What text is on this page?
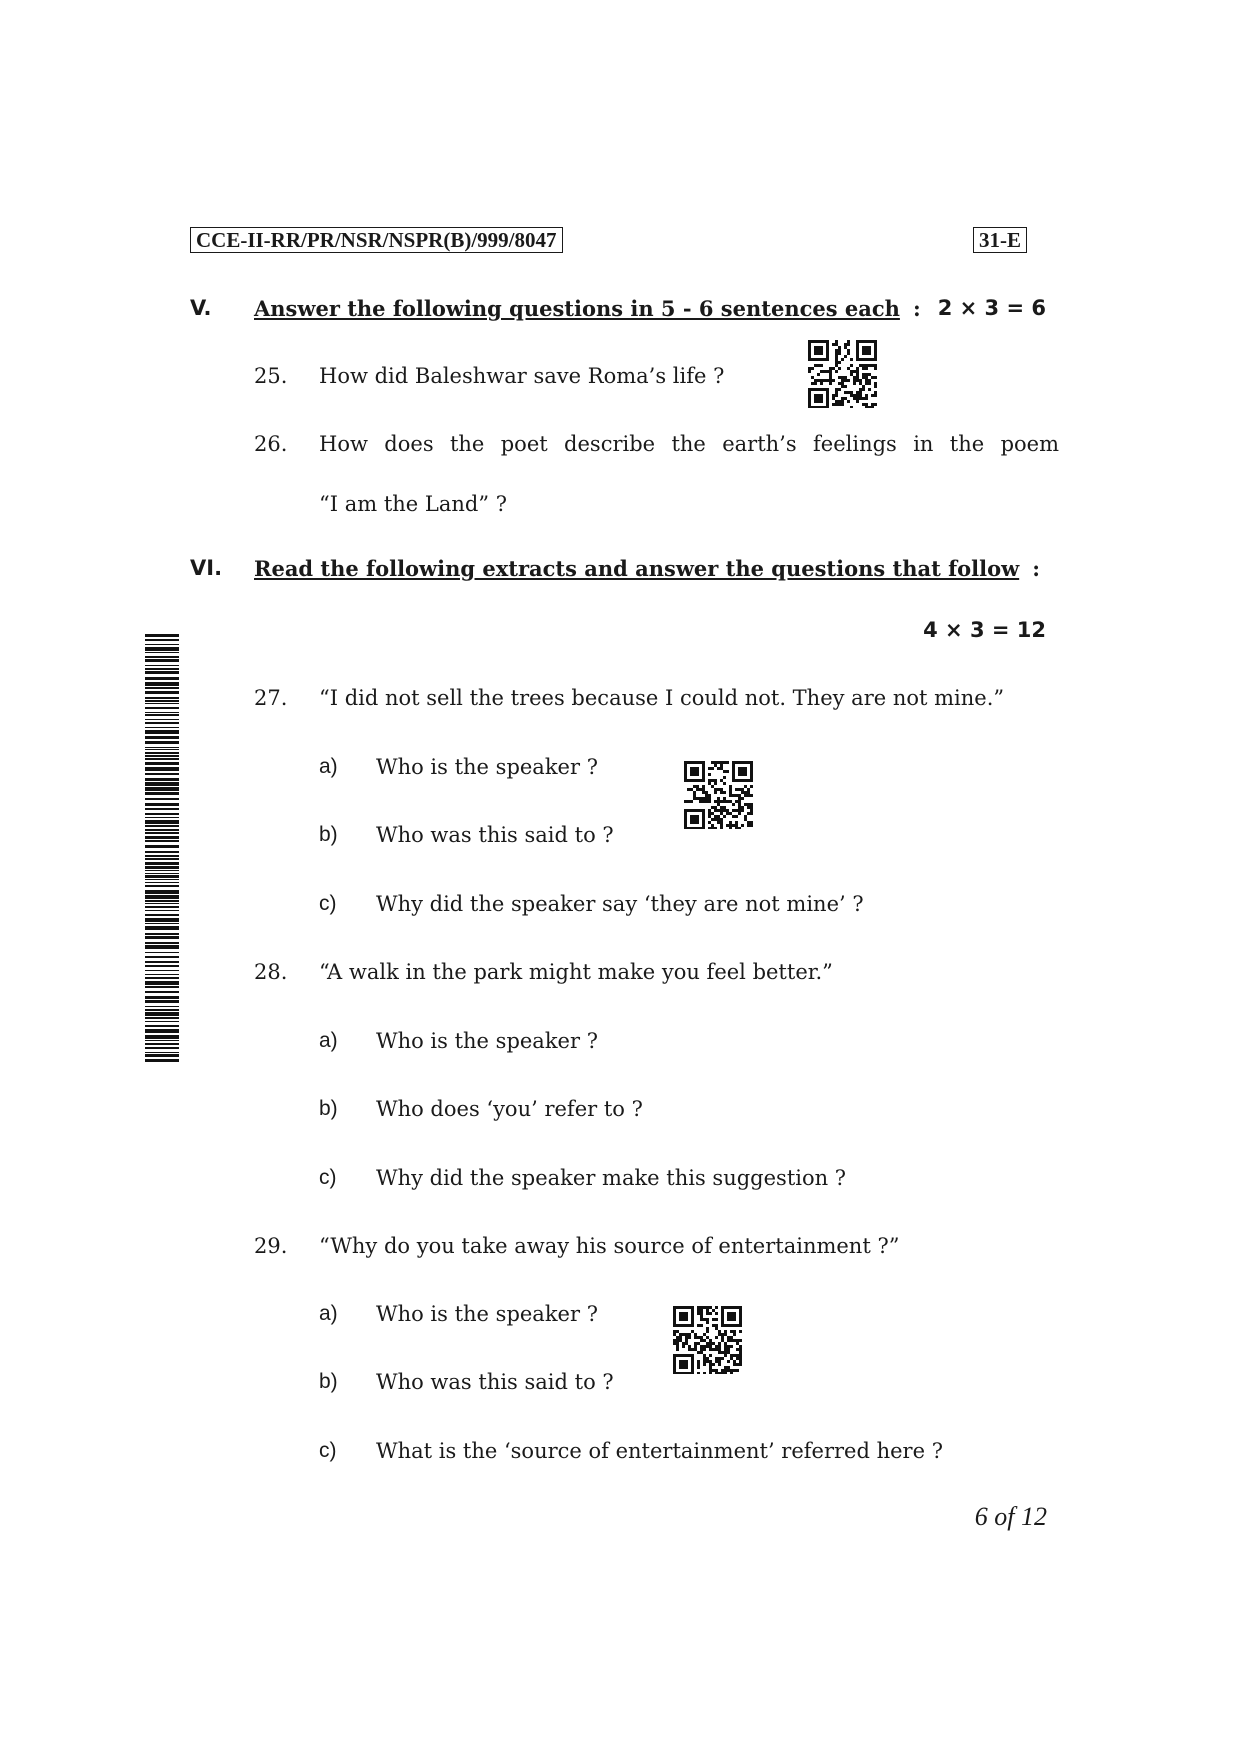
CCE-II-RR/PR/NSR/NSPR(B)/999/8047	31-E
V. Answer the following questions in 5 - 6 sentences each : 2 × 3 = 6
25. How did Baleshwar save Roma’s life ?
26. How does the poet describe the earth’s feelings in the poem
“I am the Land” ?
VI. Read the following extracts and answer the questions that follow :
4 × 3 = 12
27. “I did not sell the trees because I could not. They are not mine.”
a) Who is the speaker ?
b) Who was this said to ?
c) Why did the speaker say ‘they are not mine’ ?
28. “A walk in the park might make you feel better.”
a) Who is the speaker ?
b) Who does ‘you’ refer to ?
c) Why did the speaker make this suggestion ?
29. “Why do you take away his source of entertainment ?”
a) Who is the speaker ?
b) Who was this said to ?
c) What is the ‘source of entertainment’ referred here ?
6 of 12
